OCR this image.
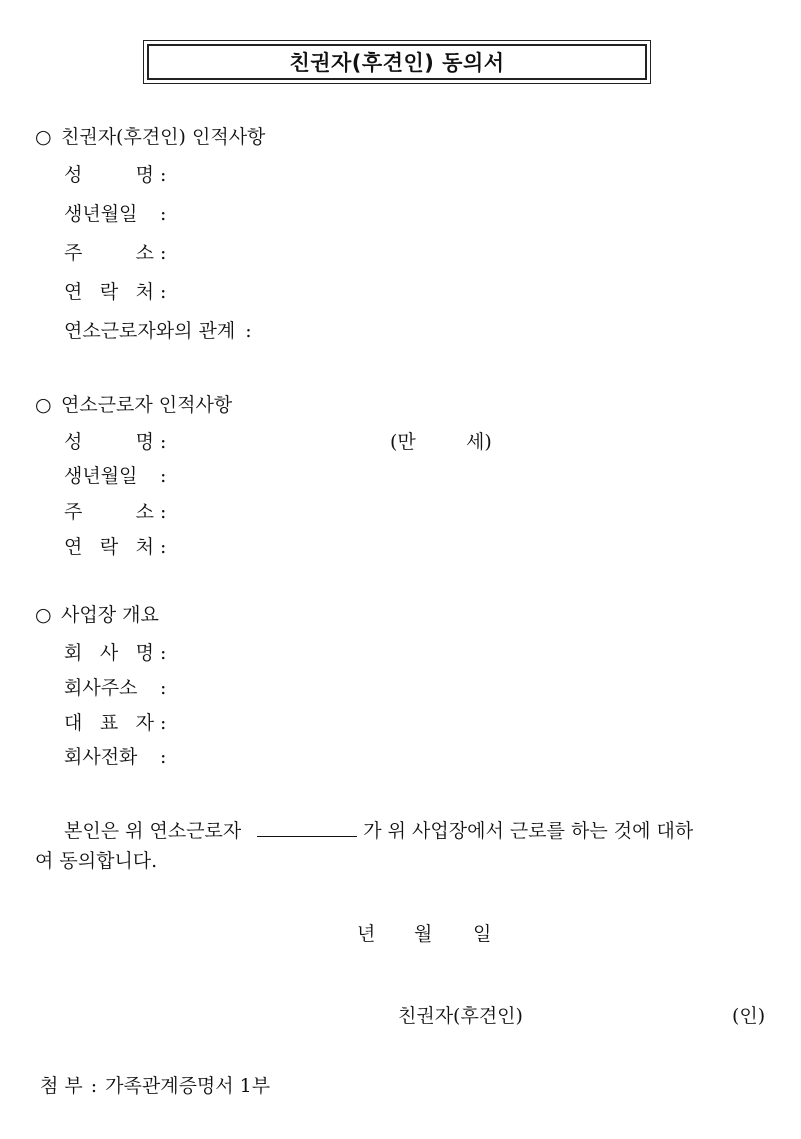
친권자(후견인) 동의서
○ 친권자(후견인) 인적사항
성 명 :
생년월일 :
주 소 :
연 락 처 :
연소근로자와의 관계 :
○ 연소근로자 인적사항
성 명 :	(만	세)
생년월일 :
주 소 :
연 락 처 :
○ 사업장 개요
회 사 명 :
회사주소 :
대 표 자 :
회사전화 :
본인은 위 연소근로자	가 위 사업장에서 근로를 하는 것에 대하
여 동의합니다.
년 월 일
친권자(후견인)	(인)
첨 부 : 가족관계증명서 1부
